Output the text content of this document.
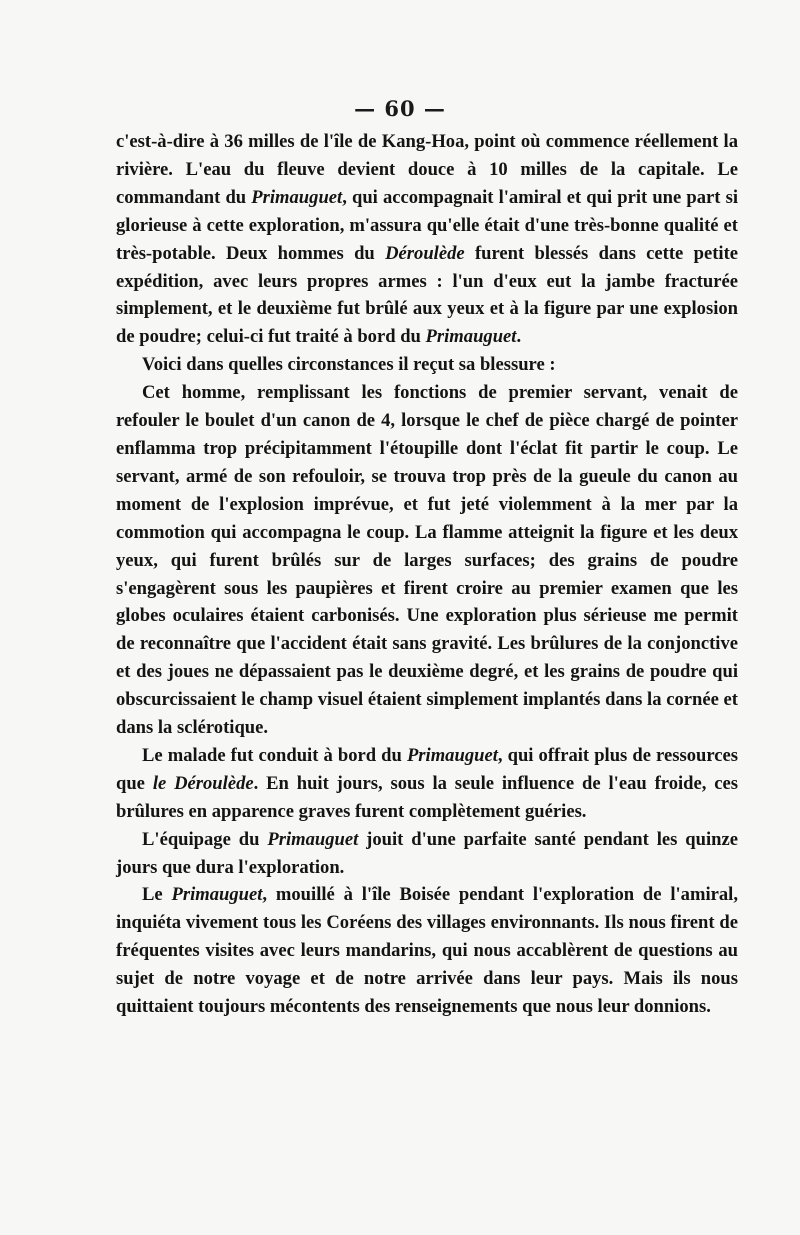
— 60 —

c'est-à-dire à 36 milles de l'île de Kang-Hoa, point où commence réellement la rivière. L'eau du fleuve devient douce à 10 milles de la capitale. Le commandant du Primauguet, qui accompagnait l'amiral et qui prit une part si glorieuse à cette exploration, m'assura qu'elle était d'une très-bonne qualité et très-potable. Deux hommes du Déroulède furent blessés dans cette petite expédition, avec leurs propres armes : l'un d'eux eut la jambe fracturée simplement, et le deuxième fut brûlé aux yeux et à la figure par une explosion de poudre; celui-ci fut traité à bord du Primauguet.

Voici dans quelles circonstances il reçut sa blessure :

Cet homme, remplissant les fonctions de premier servant, venait de refouler le boulet d'un canon de 4, lorsque le chef de pièce chargé de pointer enflamma trop précipitamment l'étoupille dont l'éclat fit partir le coup. Le servant, armé de son refouloir, se trouva trop près de la gueule du canon au moment de l'explosion imprévue, et fut jeté violemment à la mer par la commotion qui accompagna le coup. La flamme atteignit la figure et les deux yeux, qui furent brûlés sur de larges surfaces; des grains de poudre s'engagèrent sous les paupières et firent croire au premier examen que les globes oculaires étaient carbonisés. Une exploration plus sérieuse me permit de reconnaître que l'accident était sans gravité. Les brûlures de la conjonctive et des joues ne dépassaient pas le deuxième degré, et les grains de poudre qui obscurcissaient le champ visuel étaient simplement implantés dans la cornée et dans la sclérotique.

Le malade fut conduit à bord du Primauguet, qui offrait plus de ressources que le Déroulède. En huit jours, sous la seule influence de l'eau froide, ces brûlures en apparence graves furent complètement guéries.

L'équipage du Primauguet jouit d'une parfaite santé pendant les quinze jours que dura l'exploration.

Le Primauguet, mouillé à l'île Boisée pendant l'exploration de l'amiral, inquiéta vivement tous les Coréens des villages environnants. Ils nous firent de fréquentes visites avec leurs mandarins, qui nous accablèrent de questions au sujet de notre voyage et de notre arrivée dans leur pays. Mais ils nous quittaient toujours mécontents des renseignements que nous leur donnions.
